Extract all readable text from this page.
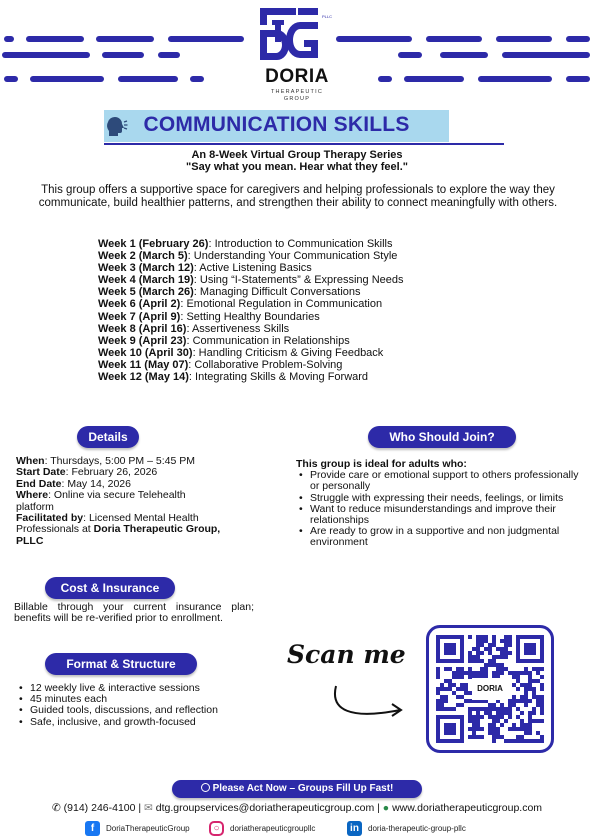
PLLC
DORIA
THERAPEUTIC
GROUP
COMMUNICATION SKILLS
An 8-Week Virtual Group Therapy Series
"Say what you mean. Hear what they feel."
This group offers a supportive space for caregivers and helping professionals to explore the way they communicate, build healthier patterns, and strengthen their ability to connect meaningfully with others.
Week 1 (February 26): Introduction to Communication Skills
Week 2 (March 5): Understanding Your Communication Style
Week 3 (March 12): Active Listening Basics
Week 4 (March 19): Using “I-Statements” & Expressing Needs
Week 5 (March 26): Managing Difficult Conversations
Week 6 (April 2): Emotional Regulation in Communication
Week 7 (April 9): Setting Healthy Boundaries
Week 8 (April 16): Assertiveness Skills
Week 9 (April 23): Communication in Relationships
Week 10 (April 30): Handling Criticism & Giving Feedback
Week 11 (May 07): Collaborative Problem-Solving
Week 12 (May 14): Integrating Skills & Moving Forward
Details
When: Thursdays, 5:00 PM – 5:45 PM
Start Date: February 26, 2026
End Date: May 14, 2026
Where: Online via secure Telehealth platform
Facilitated by: Licensed Mental Health Professionals at Doria Therapeutic Group, PLLC
Who Should Join?
This group is ideal for adults who:
• Provide care or emotional support to others professionally or personally
• Struggle with expressing their needs, feelings, or limits
• Want to reduce misunderstandings and improve their relationships
• Are ready to grow in a supportive and non judgmental environment
Cost & Insurance
Billable through your current insurance plan; benefits will be re-verified prior to enrollment.
Format & Structure
• 12 weekly live & interactive sessions
• 45 minutes each
• Guided tools, discussions, and reflection
• Safe, inclusive, and growth-focused
Scan me
DORIA
Please Act Now – Groups Fill Up Fast!
✆ (914) 246-4100 | ✉ dtg.groupservices@doriatherapeuticgroup.com | ● www.doriatherapeuticgroup.com
f	DoriaTherapeuticGroup	○	doriatherapeuticgroupllc	in	doria-therapeutic-group-pllc
